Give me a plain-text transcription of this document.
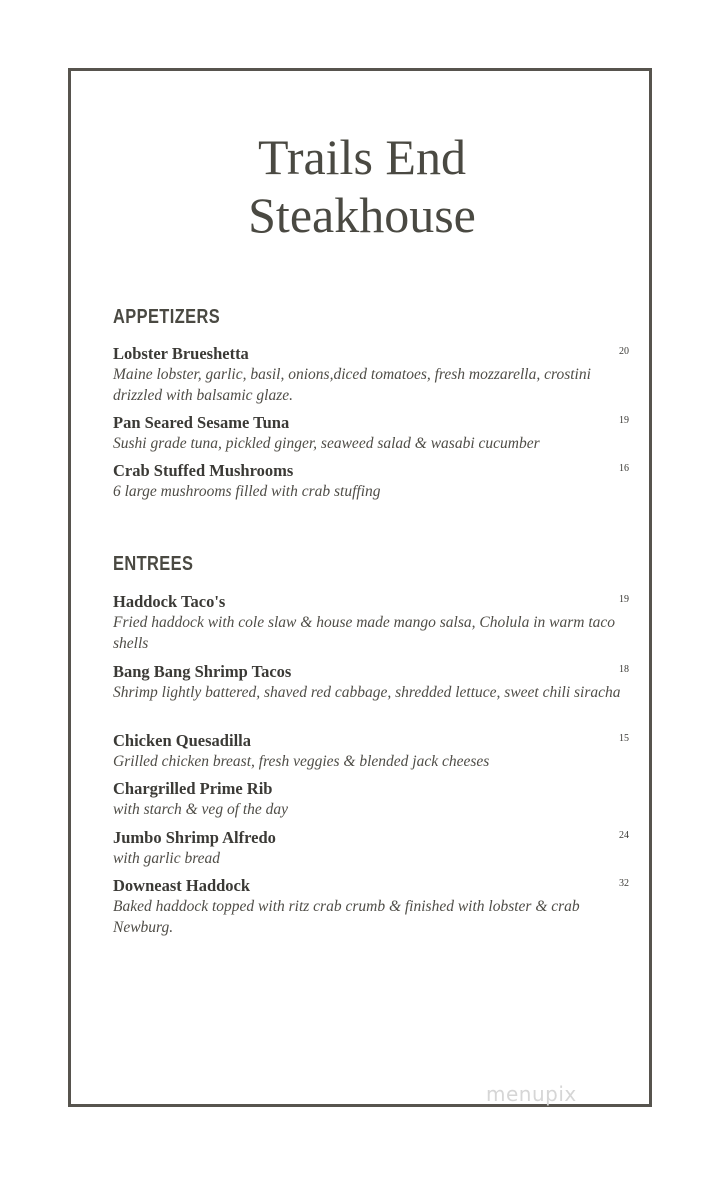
Trails End
Steakhouse
APPETIZERS
Lobster Brueshetta
Maine lobster, garlic, basil, onions,diced tomatoes, fresh mozzarella, crostini drizzled with balsamic glaze.
20
Pan Seared Sesame Tuna
Sushi grade tuna, pickled ginger, seaweed salad & wasabi cucumber
19
Crab Stuffed Mushrooms
6 large mushrooms filled with crab stuffing
16
ENTREES
Haddock Taco's
Fried haddock with cole slaw & house made mango salsa, Cholula in warm taco shells
19
Bang Bang Shrimp Tacos
Shrimp lightly battered, shaved red cabbage, shredded lettuce, sweet chili siracha
18
Chicken Quesadilla
Grilled chicken breast, fresh veggies & blended jack cheeses
15
Chargrilled Prime Rib
with starch & veg of the day
Jumbo Shrimp Alfredo
with garlic bread
24
Downeast Haddock
Baked haddock topped with ritz crab crumb & finished with lobster & crab Newburg.
32
menupix
